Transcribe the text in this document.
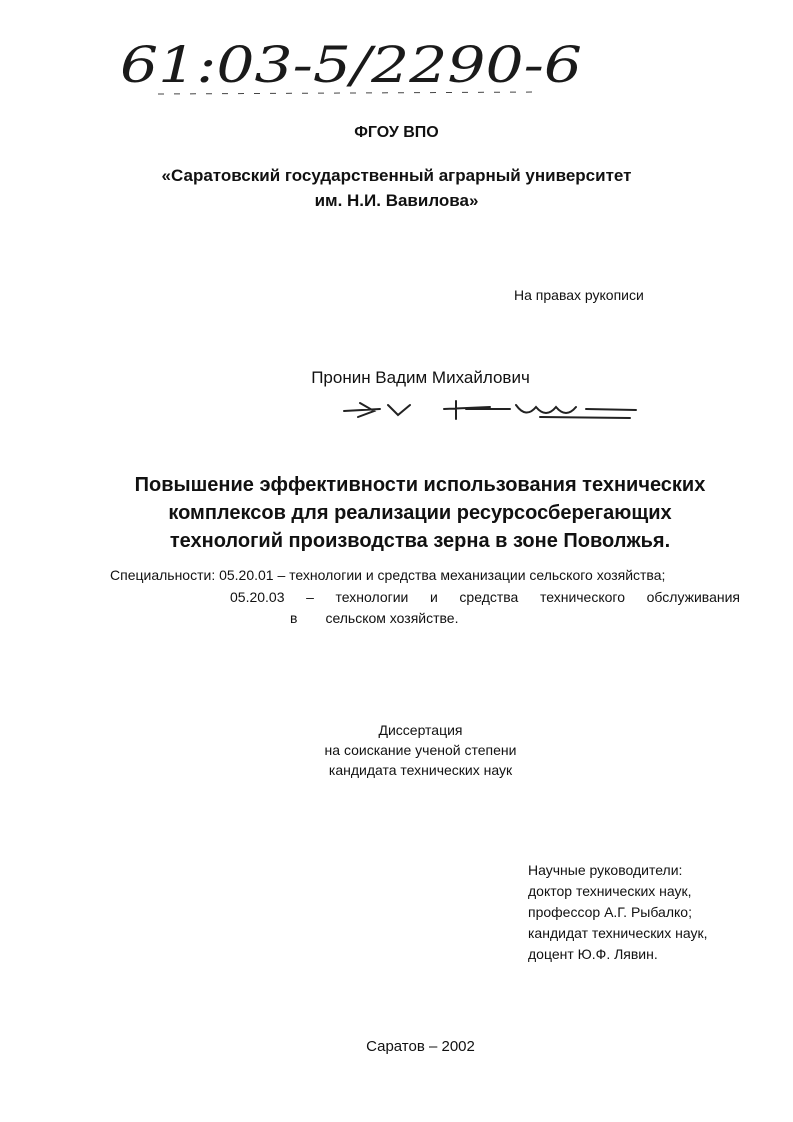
61:03-5/2290-6
ФГОУ ВПО
«Саратовский государственный аграрный университет
им. Н.И. Вавилова»
На правах рукописи
Пронин Вадим Михайлович
Повышение эффективности использования технических
комплексов для реализации ресурсосберегающих
технологий производства зерна в зоне Поволжья.
Специальности: 05.20.01 – технологии и средства механизации сельского хозяйства;
05.20.03 – технологии и средства технического обслуживания
в сельском хозяйстве.
Диссертация
на соискание ученой степени
кандидата технических наук
Научные руководители:
доктор технических наук,
профессор А.Г. Рыбалко;
кандидат технических наук,
доцент Ю.Ф. Лявин.
Саратов – 2002
